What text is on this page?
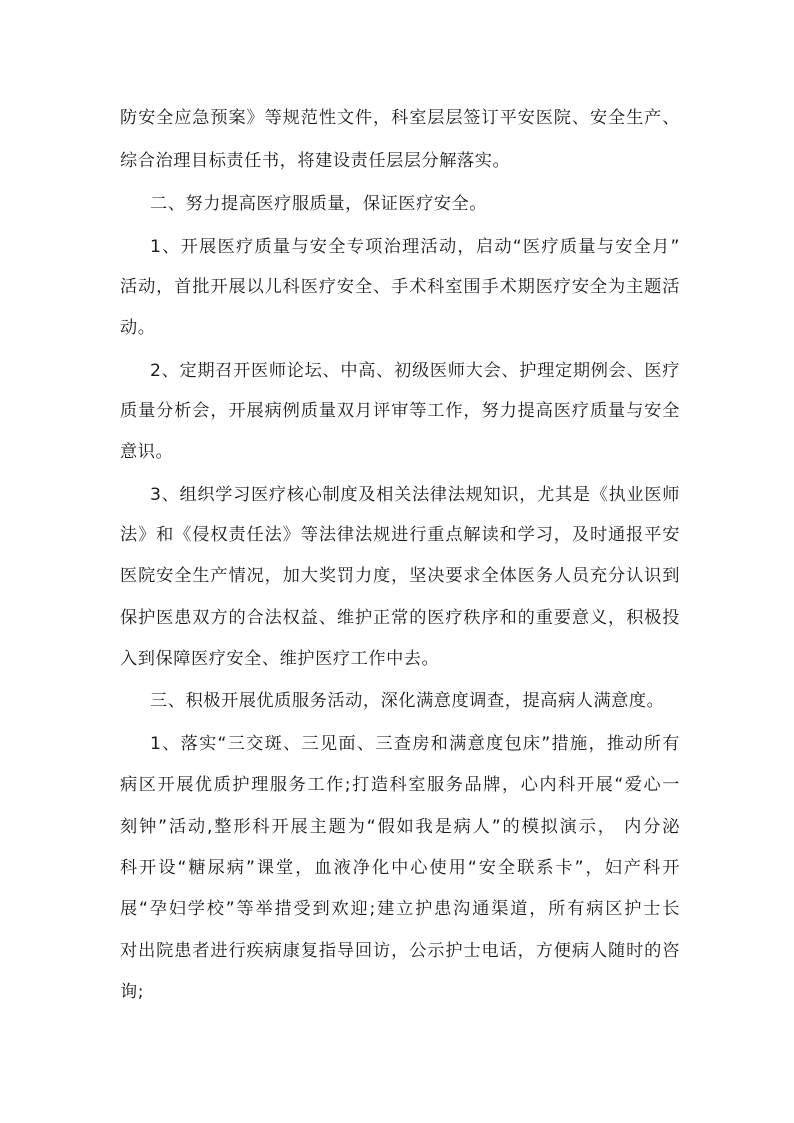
防安全应急预案》等规范性文件，科室层层签订平安医院、安全生产、

综合治理目标责任书，将建设责任层层分解落实。

二、努力提高医疗服质量，保证医疗安全。

1、开展医疗质量与安全专项治理活动，启动“医疗质量与安全月”

活动，首批开展以儿科医疗安全、手术科室围手术期医疗安全为主题活

动。

2、定期召开医师论坛、中高、初级医师大会、护理定期例会、医疗

质量分析会，开展病例质量双月评审等工作，努力提高医疗质量与安全

意识。

3、组织学习医疗核心制度及相关法律法规知识，尤其是《执业医师

法》和《侵权责任法》等法律法规进行重点解读和学习，及时通报平安

医院安全生产情况，加大奖罚力度，坚决要求全体医务人员充分认识到

保护医患双方的合法权益、维护正常的医疗秩序和的重要意义，积极投

入到保障医疗安全、维护医疗工作中去。

三、积极开展优质服务活动，深化满意度调查，提高病人满意度。

1、落实“三交斑、三见面、三查房和满意度包床”措施，推动所有

病区开展优质护理服务工作;打造科室服务品牌，心内科开展“爱心一

刻钟”活动,整形科开展主题为“假如我是病人”的模拟演示， 内分泌

科开设“糖尿病”课堂，血液净化中心使用“安全联系卡”，妇产科开

展“孕妇学校”等举措受到欢迎;建立护患沟通渠道，所有病区护士长

对出院患者进行疾病康复指导回访，公示护士电话，方便病人随时的咨

询;
